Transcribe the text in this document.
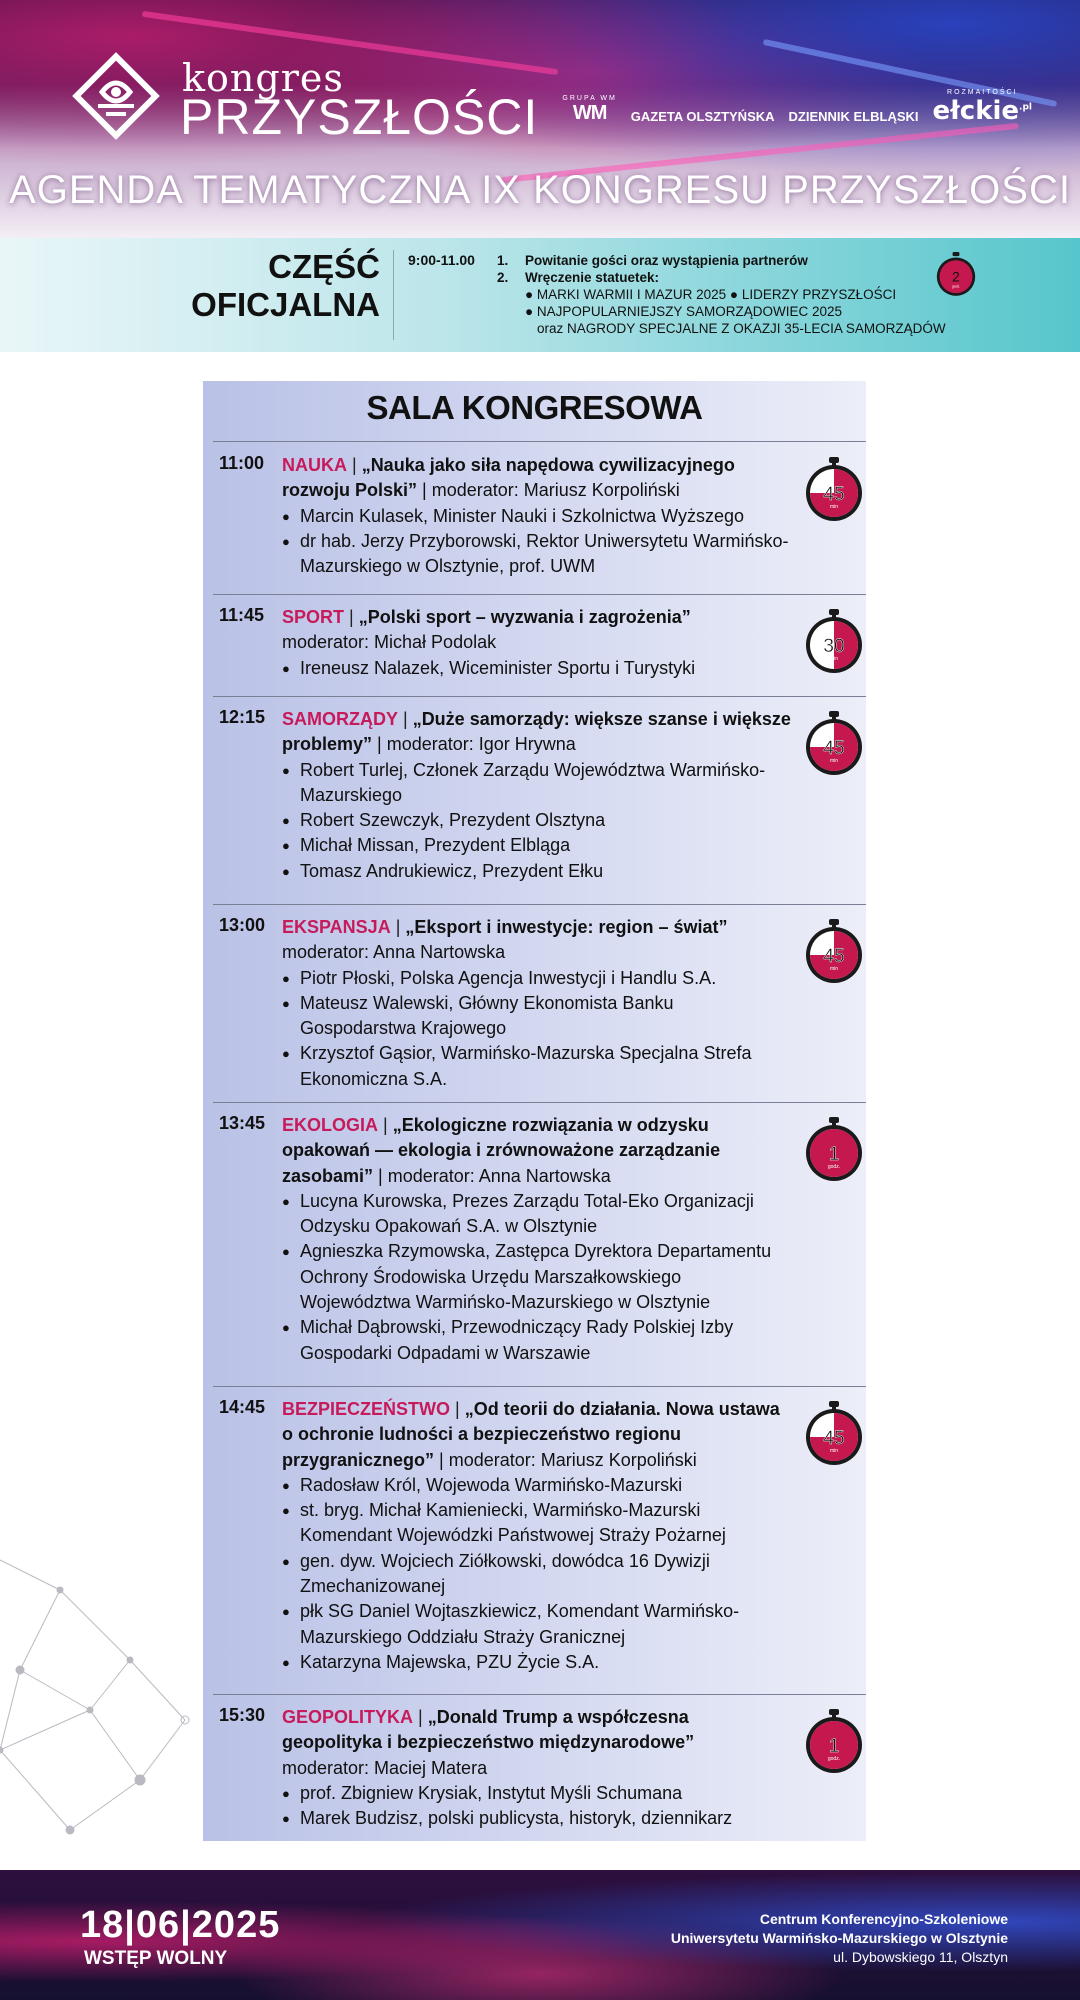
kongres
PRZYSZŁOŚCI	GRUPA WM
WM GAZETA OLSZTYŃSKA DZIENNIK ELBLĄSKI
ROZMAITOŚCI
ełckie$^{.pl}$
AGENDA TEMATYCZNA IX KONGRESU PRZYSZŁOŚCI
CZĘŚĆ
OFICJALNA
9:00-11.00 1. Powitanie gości oraz wystąpienia partnerów
2. Wręczenie statuetek:
● MARKI WARMII I MAZUR 2025 ● LIDERZY PRZYSZŁOŚCI
● NAJPOPULARNIEJSZY SAMORZĄDOWIEC 2025
oraz NAGRODY SPECJALNE Z OKAZJI 35-LECIA SAMORZĄDÓW
2
godz.
SALA KONGRESOWA
11:00 NAUKA | „Nauka jako siła napędowa cywilizacyjnego rozwoju Polski” | moderator: Mariusz Korpoliński
● Marcin Kulasek, Minister Nauki i Szkolnictwa Wyższego
● dr hab. Jerzy Przyborowski, Rektor Uniwersytetu Warmińsko-Mazurskiego w Olsztynie, prof. UWM
45
min
11:45 SPORT | „Polski sport – wyzwania i zagrożenia”
moderator: Michał Podolak
● Ireneusz Nalazek, Wiceminister Sportu i Turystyki
30
min
12:15 SAMORZĄDY | „Duże samorządy: większe szanse i większe problemy” | moderator: Igor Hrywna
● Robert Turlej, Członek Zarządu Województwa Warmińsko-Mazurskiego
● Robert Szewczyk, Prezydent Olsztyna
● Michał Missan, Prezydent Elbląga
● Tomasz Andrukiewicz, Prezydent Ełku
45
min
13:00 EKSPANSJA | „Eksport i inwestycje: region – świat”
moderator: Anna Nartowska
● Piotr Płoski, Polska Agencja Inwestycji i Handlu S.A.
● Mateusz Walewski, Główny Ekonomista Banku Gospodarstwa Krajowego
● Krzysztof Gąsior, Warmińsko-Mazurska Specjalna Strefa Ekonomiczna S.A.
45
min
13:45 EKOLOGIA | „Ekologiczne rozwiązania w odzysku opakowań — ekologia i zrównoważone zarządzanie zasobami” | moderator: Anna Nartowska
● Lucyna Kurowska, Prezes Zarządu Total-Eko Organizacji Odzysku Opakowań S.A. w Olsztynie
● Agnieszka Rzymowska, Zastępca Dyrektora Departamentu Ochrony Środowiska Urzędu Marszałkowskiego Województwa Warmińsko-Mazurskiego w Olsztynie
● Michał Dąbrowski, Przewodniczący Rady Polskiej Izby Gospodarki Odpadami w Warszawie
1
godz.
14:45 BEZPIECZEŃSTWO | „Od teorii do działania. Nowa ustawa o ochronie ludności a bezpieczeństwo regionu przygranicznego” | moderator: Mariusz Korpoliński
● Radosław Król, Wojewoda Warmińsko-Mazurski
● st. bryg. Michał Kamieniecki, Warmińsko-Mazurski Komendant Wojewódzki Państwowej Straży Pożarnej
● gen. dyw. Wojciech Ziółkowski, dowódca 16 Dywizji Zmechanizowanej
● płk SG Daniel Wojtaszkiewicz, Komendant Warmińsko-Mazurskiego Oddziału Straży Granicznej
● Katarzyna Majewska, PZU Życie S.A.
45
min
15:30 GEOPOLITYKA | „Donald Trump a współczesna geopolityka i bezpieczeństwo międzynarodowe”
moderator: Maciej Matera
● prof. Zbigniew Krysiak, Instytut Myśli Schumana
● Marek Budzisz, polski publicysta, historyk, dziennikarz
1
godz.
18|06|2025
WSTĘP WOLNY
Centrum Konferencyjno-Szkoleniowe
Uniwersytetu Warmińsko-Mazurskiego w Olsztynie
ul. Dybowskiego 11, Olsztyn
